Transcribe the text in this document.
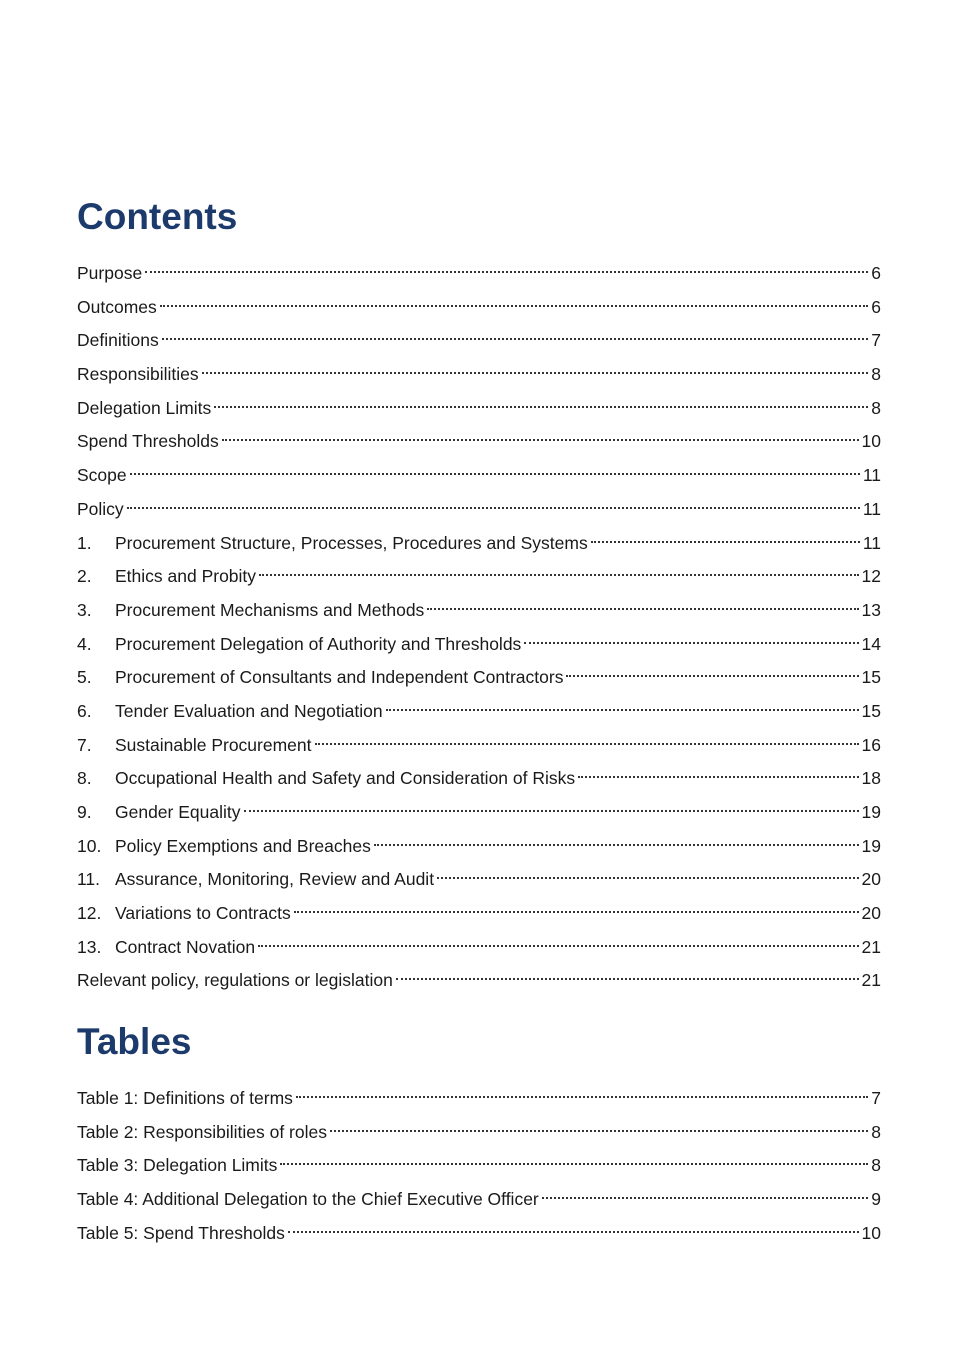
Contents
Purpose	6
Outcomes	6
Definitions	7
Responsibilities	8
Delegation Limits	8
Spend Thresholds	10
Scope	11
Policy	11
1.	Procurement Structure, Processes, Procedures and Systems	11
2.	Ethics and Probity	12
3.	Procurement Mechanisms and Methods	13
4.	Procurement Delegation of Authority and Thresholds	14
5.	Procurement of Consultants and Independent Contractors	15
6.	Tender Evaluation and Negotiation	15
7.	Sustainable Procurement	16
8.	Occupational Health and Safety and Consideration of Risks	18
9.	Gender Equality	19
10. Policy Exemptions and Breaches	19
11. Assurance, Monitoring, Review and Audit	20
12. Variations to Contracts	20
13. Contract Novation	21
Relevant policy, regulations or legislation	21
Tables
Table 1: Definitions of terms	7
Table 2: Responsibilities of roles	8
Table 3: Delegation Limits	8
Table 4: Additional Delegation to the Chief Executive Officer	9
Table 5: Spend Thresholds	10
